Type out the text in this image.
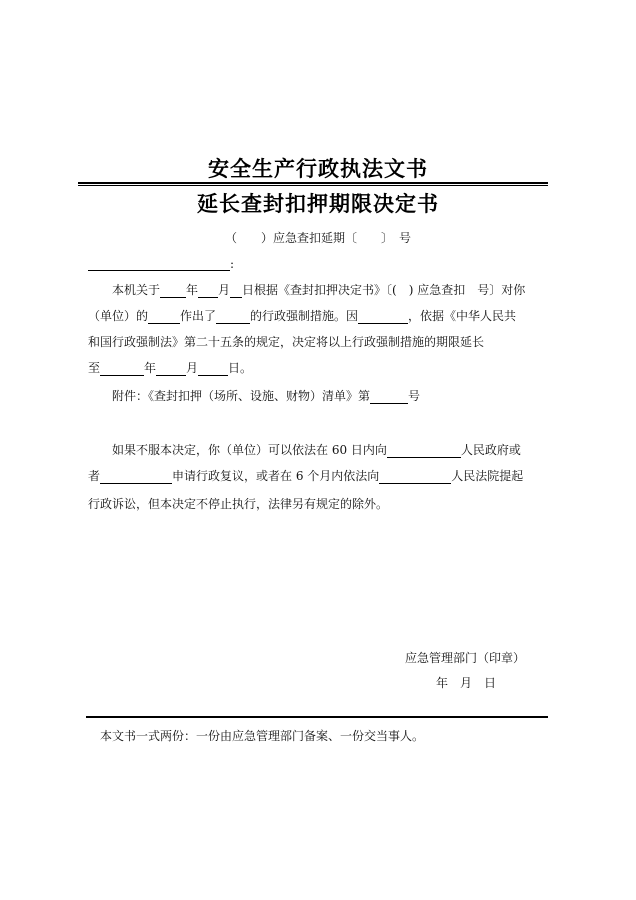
安全生产行政执法文书
延长查封扣押期限决定书
（　　）应急查扣延期〔　　〕　号
:
本机关于 年 月 日根据《查封扣押决定书》〔(　) 应急查扣　号〕对你
（单位）的	作出了	的行政强制措施。因	，依据《中华人民共
和国行政强制法》第二十五条的规定，决定将以上行政强制措施的期限延长
至	年	月	日。
附件：《查封扣押（场所、设施、财物）清单》第	号
如果不服本决定，你（单位）可以依法在 60 日内向	人民政府或
者	申请行政复议，或者在 6 个月内依法向	人民法院提起
行政诉讼，但本决定不停止执行，法律另有规定的除外。
应急管理部门（印章）
年　月　日
本文书一式两份：一份由应急管理部门备案、一份交当事人。
